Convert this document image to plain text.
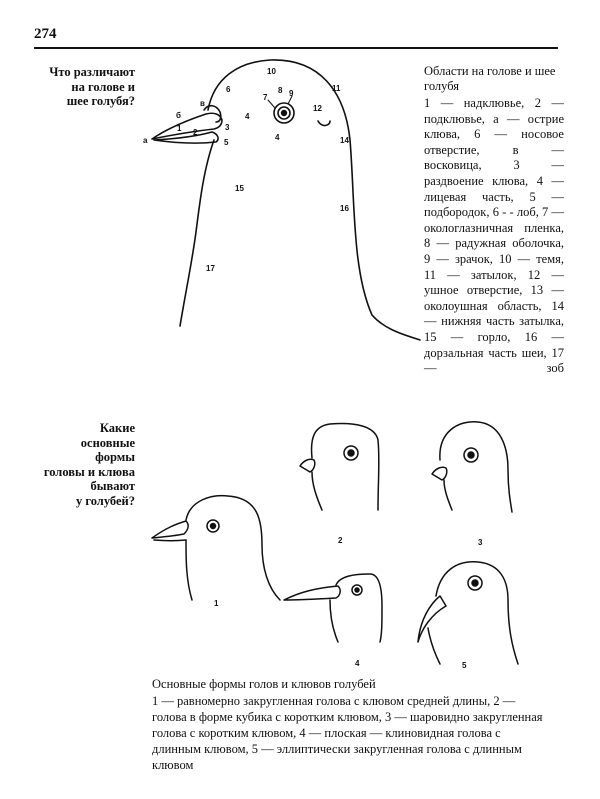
274
Что различают
на голове и
шее голубя?
Области на голове и шее голубя
1 — надклювье, 2 — подклювье, а — острие клюва, 6 — носовое отверстие, в — восковица, 3 — раздвоение клюва, 4 — лицевая часть, 5 — подбородок, 6 - - лоб, 7 — окологлазничная пленка, 8 — радужная оболочка, 9 — зрачок, 10 — темя, 11 — затылок, 12 — ушное отверстие, 13 — околоушная область, 14 — нижняя часть затылка, 15 — горло, 16 — дорзальная часть шеи, 17 — зоб
а
б
в
1 2
3
4
4
5
6
7
8 9
10
11
12
14
15
16
17
1
2	3
4	5
Какие
основные
формы
головы и клюва
бывают
у голубей?
Основные формы голов и клювов голубей
1 — равномерно закругленная голова с клювом средней длины, 2 — голова в форме кубика с коротким клювом, 3 — шаровидно закругленная голова с коротким клювом, 4 — плоская — клиновидная голова с длинным клювом, 5 — эллиптически закругленная голова с длинным клювом
